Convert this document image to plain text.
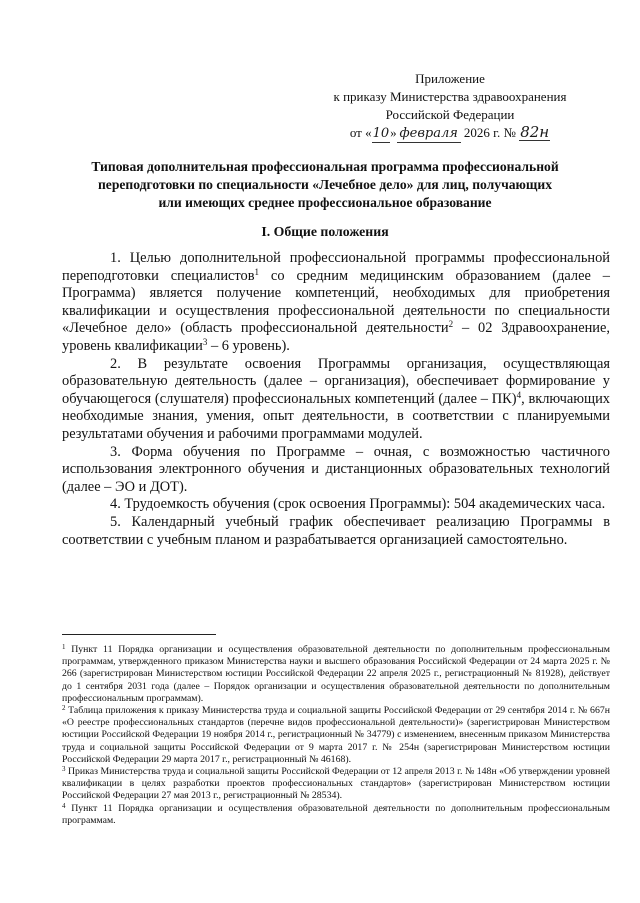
Приложение
к приказу Министерства здравоохранения
Российской Федерации
от «10» февраля 2026 г. № 82н
Типовая дополнительная профессиональная программа профессиональной
переподготовки по специальности «Лечебное дело» для лиц, получающих
или имеющих среднее профессиональное образование
I. Общие положения

1. Целью дополнительной профессиональной программы профессиональной переподготовки специалистов$^1$ со средним медицинским образованием (далее – Программа) является получение компетенций, необходимых для приобретения квалификации и осуществления профессиональной деятельности по специальности «Лечебное дело» (область профессиональной деятельности$^2$ – 02 Здравоохранение, уровень квалификации$^3$ – 6 уровень).

2. В результате освоения Программы организация, осуществляющая образовательную деятельность (далее – организация), обеспечивает формирование у обучающегося (слушателя) профессиональных компетенций (далее – ПК)$^4$, включающих необходимые знания, умения, опыт деятельности, в соответствии с планируемыми результатами обучения и рабочими программами модулей.

3. Форма обучения по Программе – очная, с возможностью частичного использования электронного обучения и дистанционных образовательных технологий (далее – ЭО и ДОТ).

4. Трудоемкость обучения (срок освоения Программы): 504 академических часа.

5. Календарный учебный график обеспечивает реализацию Программы в соответствии с учебным планом и разрабатывается организацией самостоятельно.

$^1$ Пункт 11 Порядка организации и осуществления образовательной деятельности по дополнительным профессиональным программам, утвержденного приказом Министерства науки и высшего образования Российской Федерации от 24 марта 2025 г. № 266 (зарегистрирован Министерством юстиции Российской Федерации 22 апреля 2025 г., регистрационный № 81928), действует до 1 сентября 2031 года (далее – Порядок организации и осуществления образовательной деятельности по дополнительным профессиональным программам).

$^2$ Таблица приложения к приказу Министерства труда и социальной защиты Российской Федерации от 29 сентября 2014 г. № 667н «О реестре профессиональных стандартов (перечне видов профессиональной деятельности)» (зарегистрирован Министерством юстиции Российской Федерации 19 ноября 2014 г., регистрационный № 34779) с изменением, внесенным приказом Министерства труда и социальной защиты Российской Федерации от 9 марта 2017 г. № 254н (зарегистрирован Министерством юстиции Российской Федерации 29 марта 2017 г., регистрационный № 46168).

$^3$ Приказ Министерства труда и социальной защиты Российской Федерации от 12 апреля 2013 г. № 148н «Об утверждении уровней квалификации в целях разработки проектов профессиональных стандартов» (зарегистрирован Министерством юстиции Российской Федерации 27 мая 2013 г., регистрационный № 28534).

$^4$ Пункт 11 Порядка организации и осуществления образовательной деятельности по дополнительным профессиональным программам.
